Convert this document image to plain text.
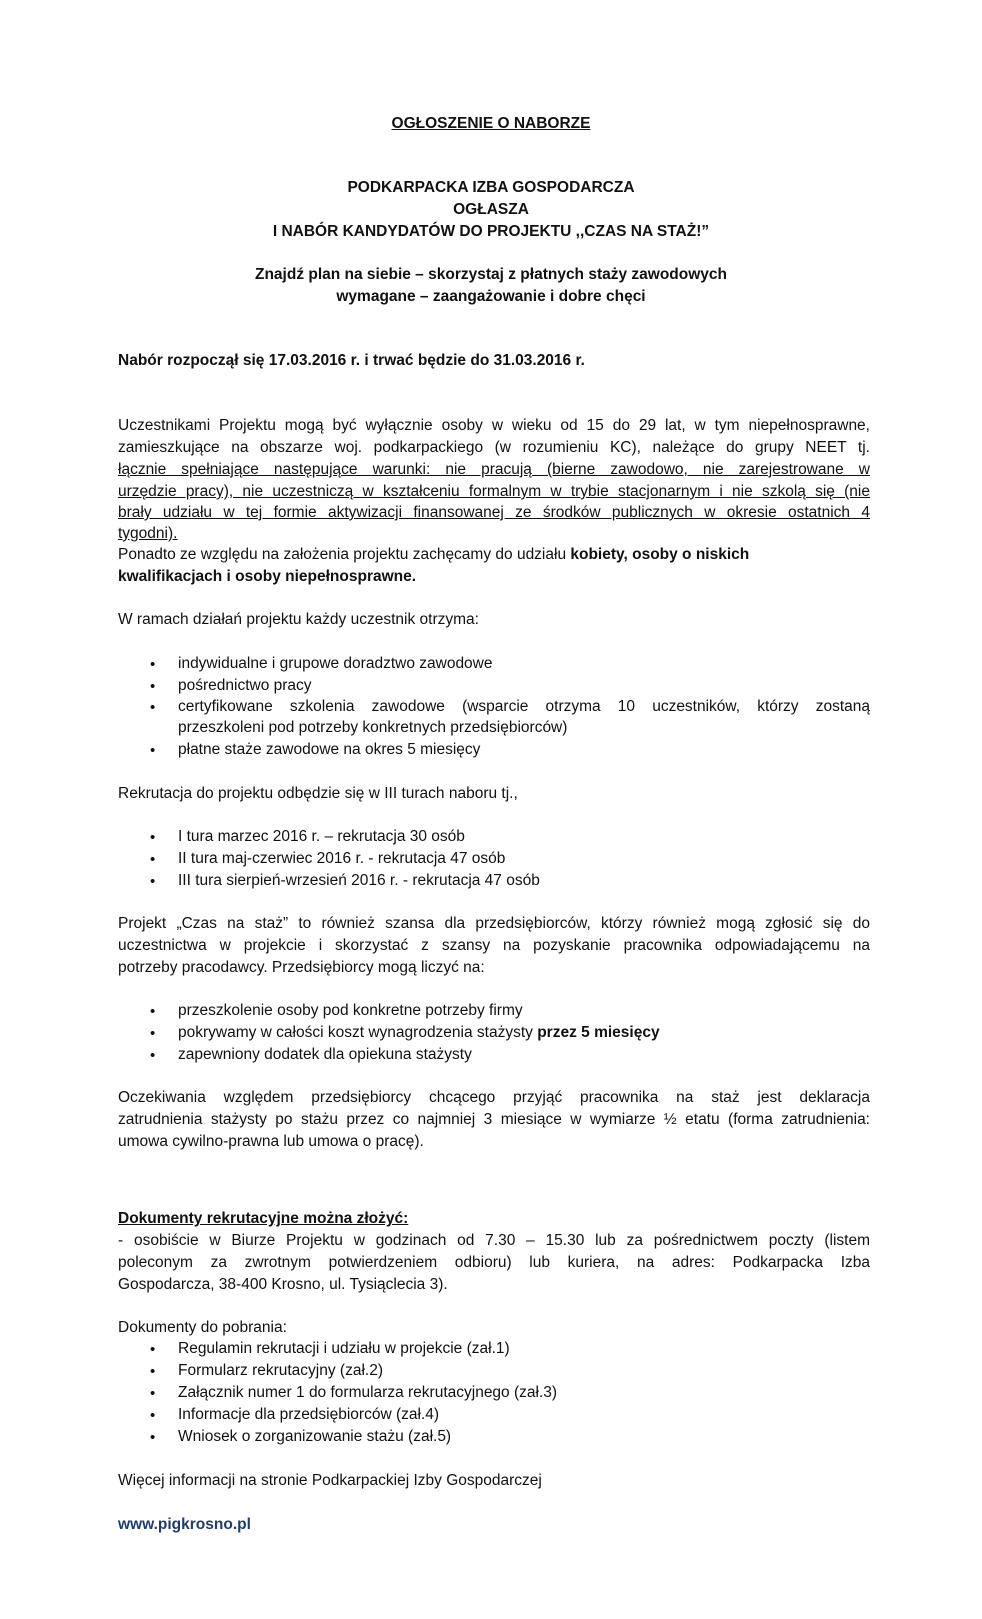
OGŁOSZENIE O NABORZE

PODKARPACKA IZBA GOSPODARCZA

OGŁASZA

I NABÓR KANDYDATÓW DO PROJEKTU ,,CZAS NA STAŻ!”

Znajdź plan na siebie – skorzystaj z płatnych staży zawodowych

wymagane – zaangażowanie i dobre chęci

Nabór rozpoczął się 17.03.2016 r. i trwać będzie do 31.03.2016 r.

Uczestnikami Projektu mogą być wyłącznie osoby w wieku od 15 do 29 lat, w tym niepełnosprawne,

zamieszkujące na obszarze woj. podkarpackiego (w rozumieniu KC), należące do grupy NEET tj.

łącznie spełniające następujące warunki: nie pracują (bierne zawodowo, nie zarejestrowane w

urzędzie pracy), nie uczestniczą w kształceniu formalnym w trybie stacjonarnym i nie szkolą się (nie

brały udziału w tej formie aktywizacji finansowanej ze środków publicznych w okresie ostatnich 4

tygodni).

Ponadto ze względu na założenia projektu zachęcamy do udziału kobiety, osoby o niskich

kwalifikacjach i osoby niepełnosprawne.

W ramach działań projektu każdy uczestnik otrzyma:

• indywidualne i grupowe doradztwo zawodowe

• pośrednictwo pracy

• certyfikowane szkolenia zawodowe (wsparcie otrzyma 10 uczestników, którzy zostaną

przeszkoleni pod potrzeby konkretnych przedsiębiorców)

• płatne staże zawodowe na okres 5 miesięcy

Rekrutacja do projektu odbędzie się w III turach naboru tj.,

• I tura marzec 2016 r. – rekrutacja 30 osób

• II tura maj-czerwiec 2016 r. - rekrutacja 47 osób

• III tura sierpień-wrzesień 2016 r. - rekrutacja 47 osób

Projekt „Czas na staż” to również szansa dla przedsiębiorców, którzy również mogą zgłosić się do

uczestnictwa w projekcie i skorzystać z szansy na pozyskanie pracownika odpowiadającemu na

potrzeby pracodawcy. Przedsiębiorcy mogą liczyć na:

• przeszkolenie osoby pod konkretne potrzeby firmy

• pokrywamy w całości koszt wynagrodzenia stażysty przez 5 miesięcy

• zapewniony dodatek dla opiekuna stażysty

Oczekiwania względem przedsiębiorcy chcącego przyjąć pracownika na staż jest deklaracja

zatrudnienia stażysty po stażu przez co najmniej 3 miesiące w wymiarze ½ etatu (forma zatrudnienia:

umowa cywilno-prawna lub umowa o pracę).

Dokumenty rekrutacyjne można złożyć:

- osobiście w Biurze Projektu w godzinach od 7.30 – 15.30 lub za pośrednictwem poczty (listem

poleconym za zwrotnym potwierdzeniem odbioru) lub kuriera, na adres: Podkarpacka Izba

Gospodarcza, 38-400 Krosno, ul. Tysiąclecia 3).

Dokumenty do pobrania:

• Regulamin rekrutacji i udziału w projekcie (zał.1)

• Formularz rekrutacyjny (zał.2)

• Załącznik numer 1 do formularza rekrutacyjnego (zał.3)

• Informacje dla przedsiębiorców (zał.4)

• Wniosek o zorganizowanie stażu (zał.5)

Więcej informacji na stronie Podkarpackiej Izby Gospodarczej

www.pigkrosno.pl
